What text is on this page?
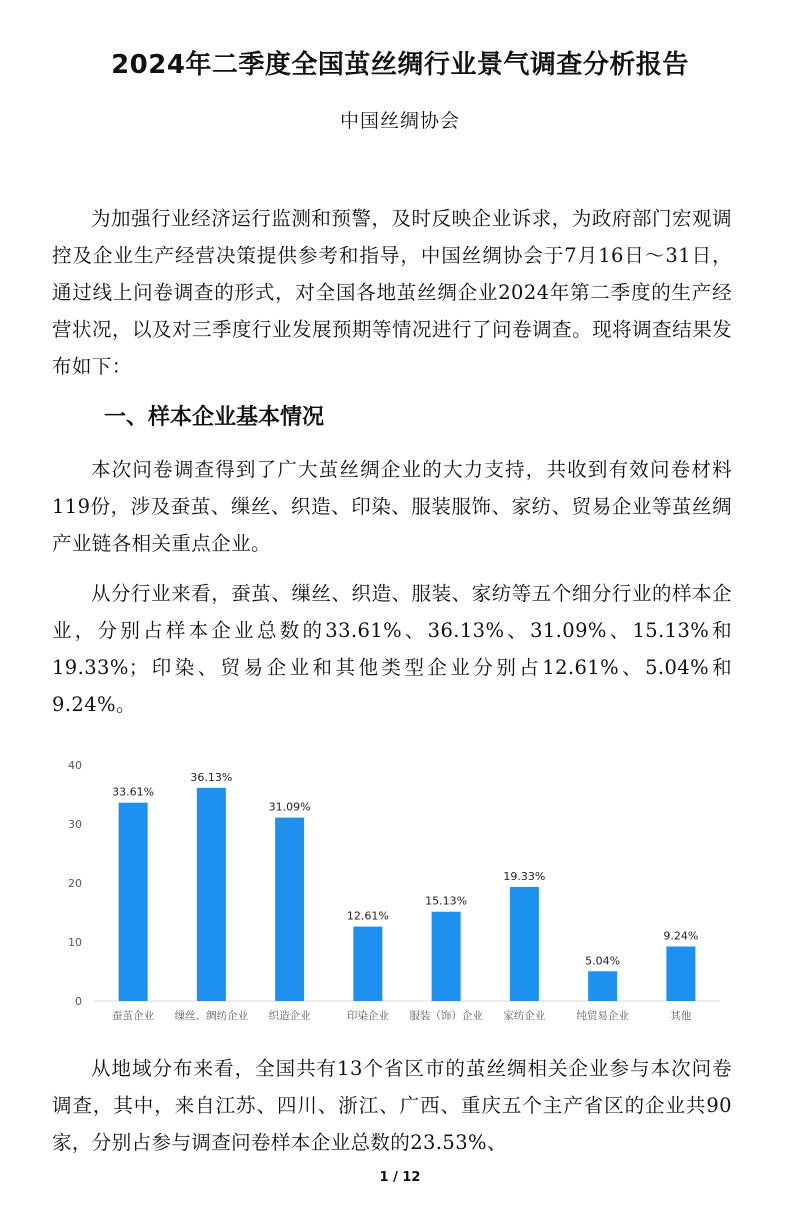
2024年二季度全国茧丝绸行业景气调查分析报告
中国丝绸协会

为加强行业经济运行监测和预警，及时反映企业诉求，为政府部门宏观调控及企业生产经营决策提供参考和指导，中国丝绸协会于7月16日～31日，通过线上问卷调查的形式，对全国各地茧丝绸企业2024年第二季度的生产经营状况，以及对三季度行业发展预期等情况进行了问卷调查。现将调查结果发布如下：

一、样本企业基本情况

本次问卷调查得到了广大茧丝绸企业的大力支持，共收到有效问卷材料119份，涉及蚕茧、缫丝、织造、印染、服装服饰、家纺、贸易企业等茧丝绸产业链各相关重点企业。

从分行业来看，蚕茧、缫丝、织造、服装、家纺等五个细分行业的样本企业，分别占样本企业总数的33.61%、36.13%、31.09%、15.13%和19.33%；印染、贸易企业和其他类型企业分别占12.61%、5.04%和9.24%。

0
10
20
30
40
33.61%
蚕茧企业
36.13%
缫丝、绸纺企业
31.09%
织造企业
12.61%
印染企业
15.13%
服装（饰）企业
19.33%
家纺企业
5.04%
纯贸易企业
9.24%
其他

从地域分布来看，全国共有13个省区市的茧丝绸相关企业参与本次问卷调查，其中，来自江苏、四川、浙江、广西、重庆五个主产省区的企业共90家，分别占参与调查问卷样本企业总数的23.53%、

1 / 12
